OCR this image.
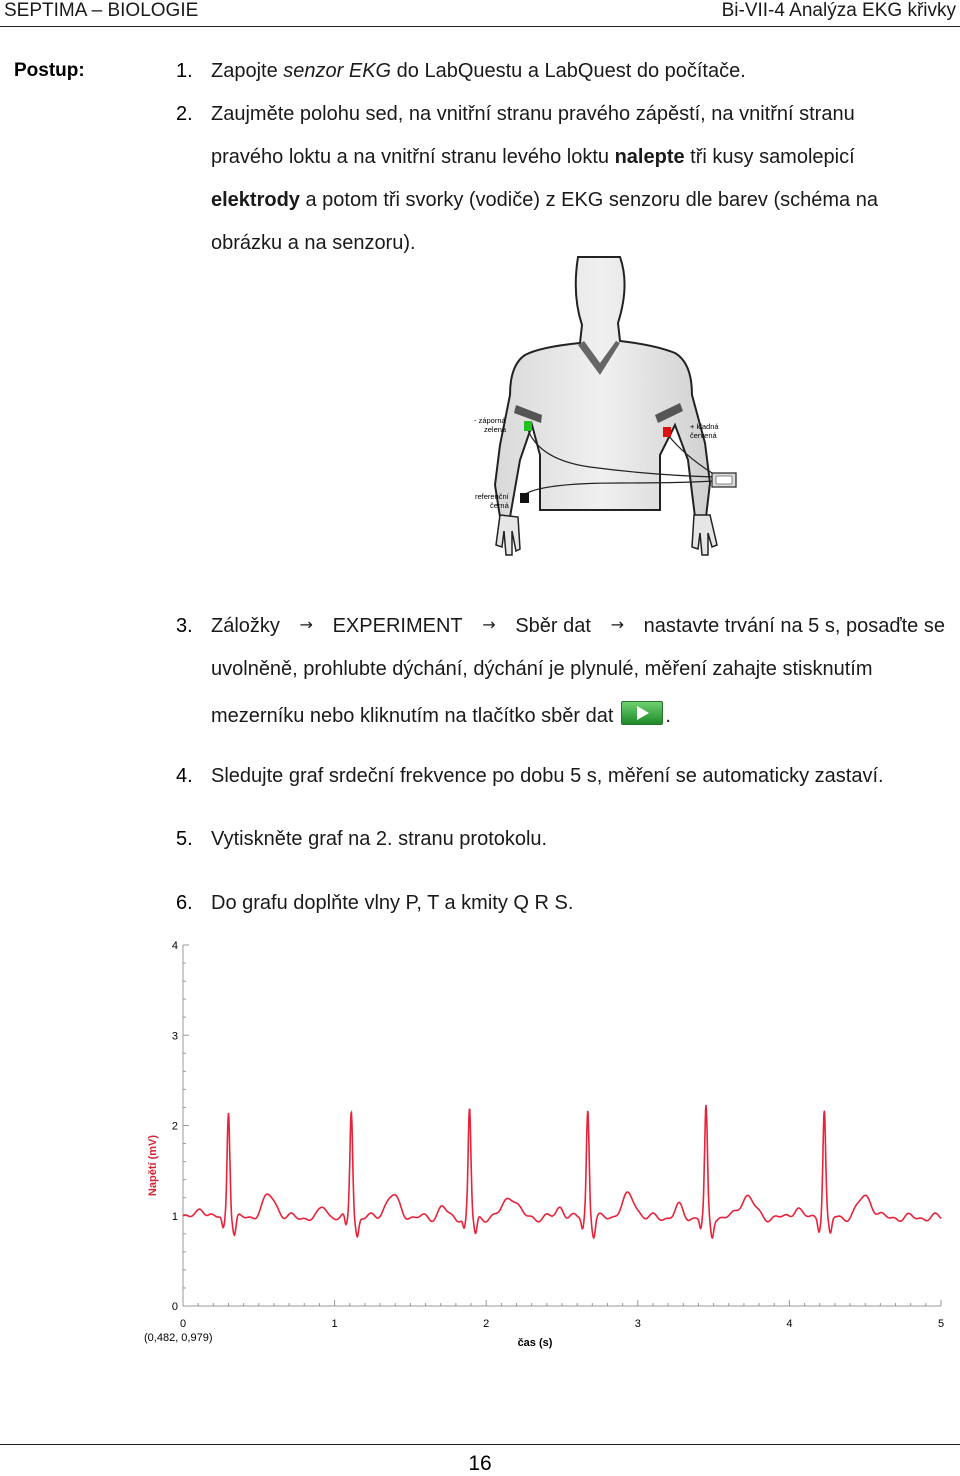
SEPTIMA – BIOLOGIE	Bi-VII-4 Analýza EKG křivky
Postup:	1. Zapojte senzor EKG do LabQuestu a LabQuest do počítače.
2. Zaujměte polohu sed, na vnitřní stranu pravého zápěstí, na vnitřní stranu
pravého loktu a na vnitřní stranu levého loktu nalepte tři kusy samolepicí
elektrody a potom tři svorky (vodiče) z EKG senzoru dle barev (schéma na
obrázku a na senzoru).
- záporná zelená	+ kladná červená
referenční černá
3. Záložky → EXPERIMENT → Sběr dat → nastavte trvání na 5 s, posaďte se
uvolněně, prohlubte dýchání, dýchání je plynulé, měření zahajte stisknutím
mezerníku nebo kliknutím na tlačítko sběr dat	.
4. Sledujte graf srdeční frekvence po dobu 5 s, měření se automaticky zastaví.
5. Vytiskněte graf na 2. stranu protokolu.
6. Do grafu doplňte vlny P, T a kmity Q R S.
0
1
2
3
4
0	1	2	3	4	5
Napětí (mV)
čas (s)
(0,482, 0,979)
16
